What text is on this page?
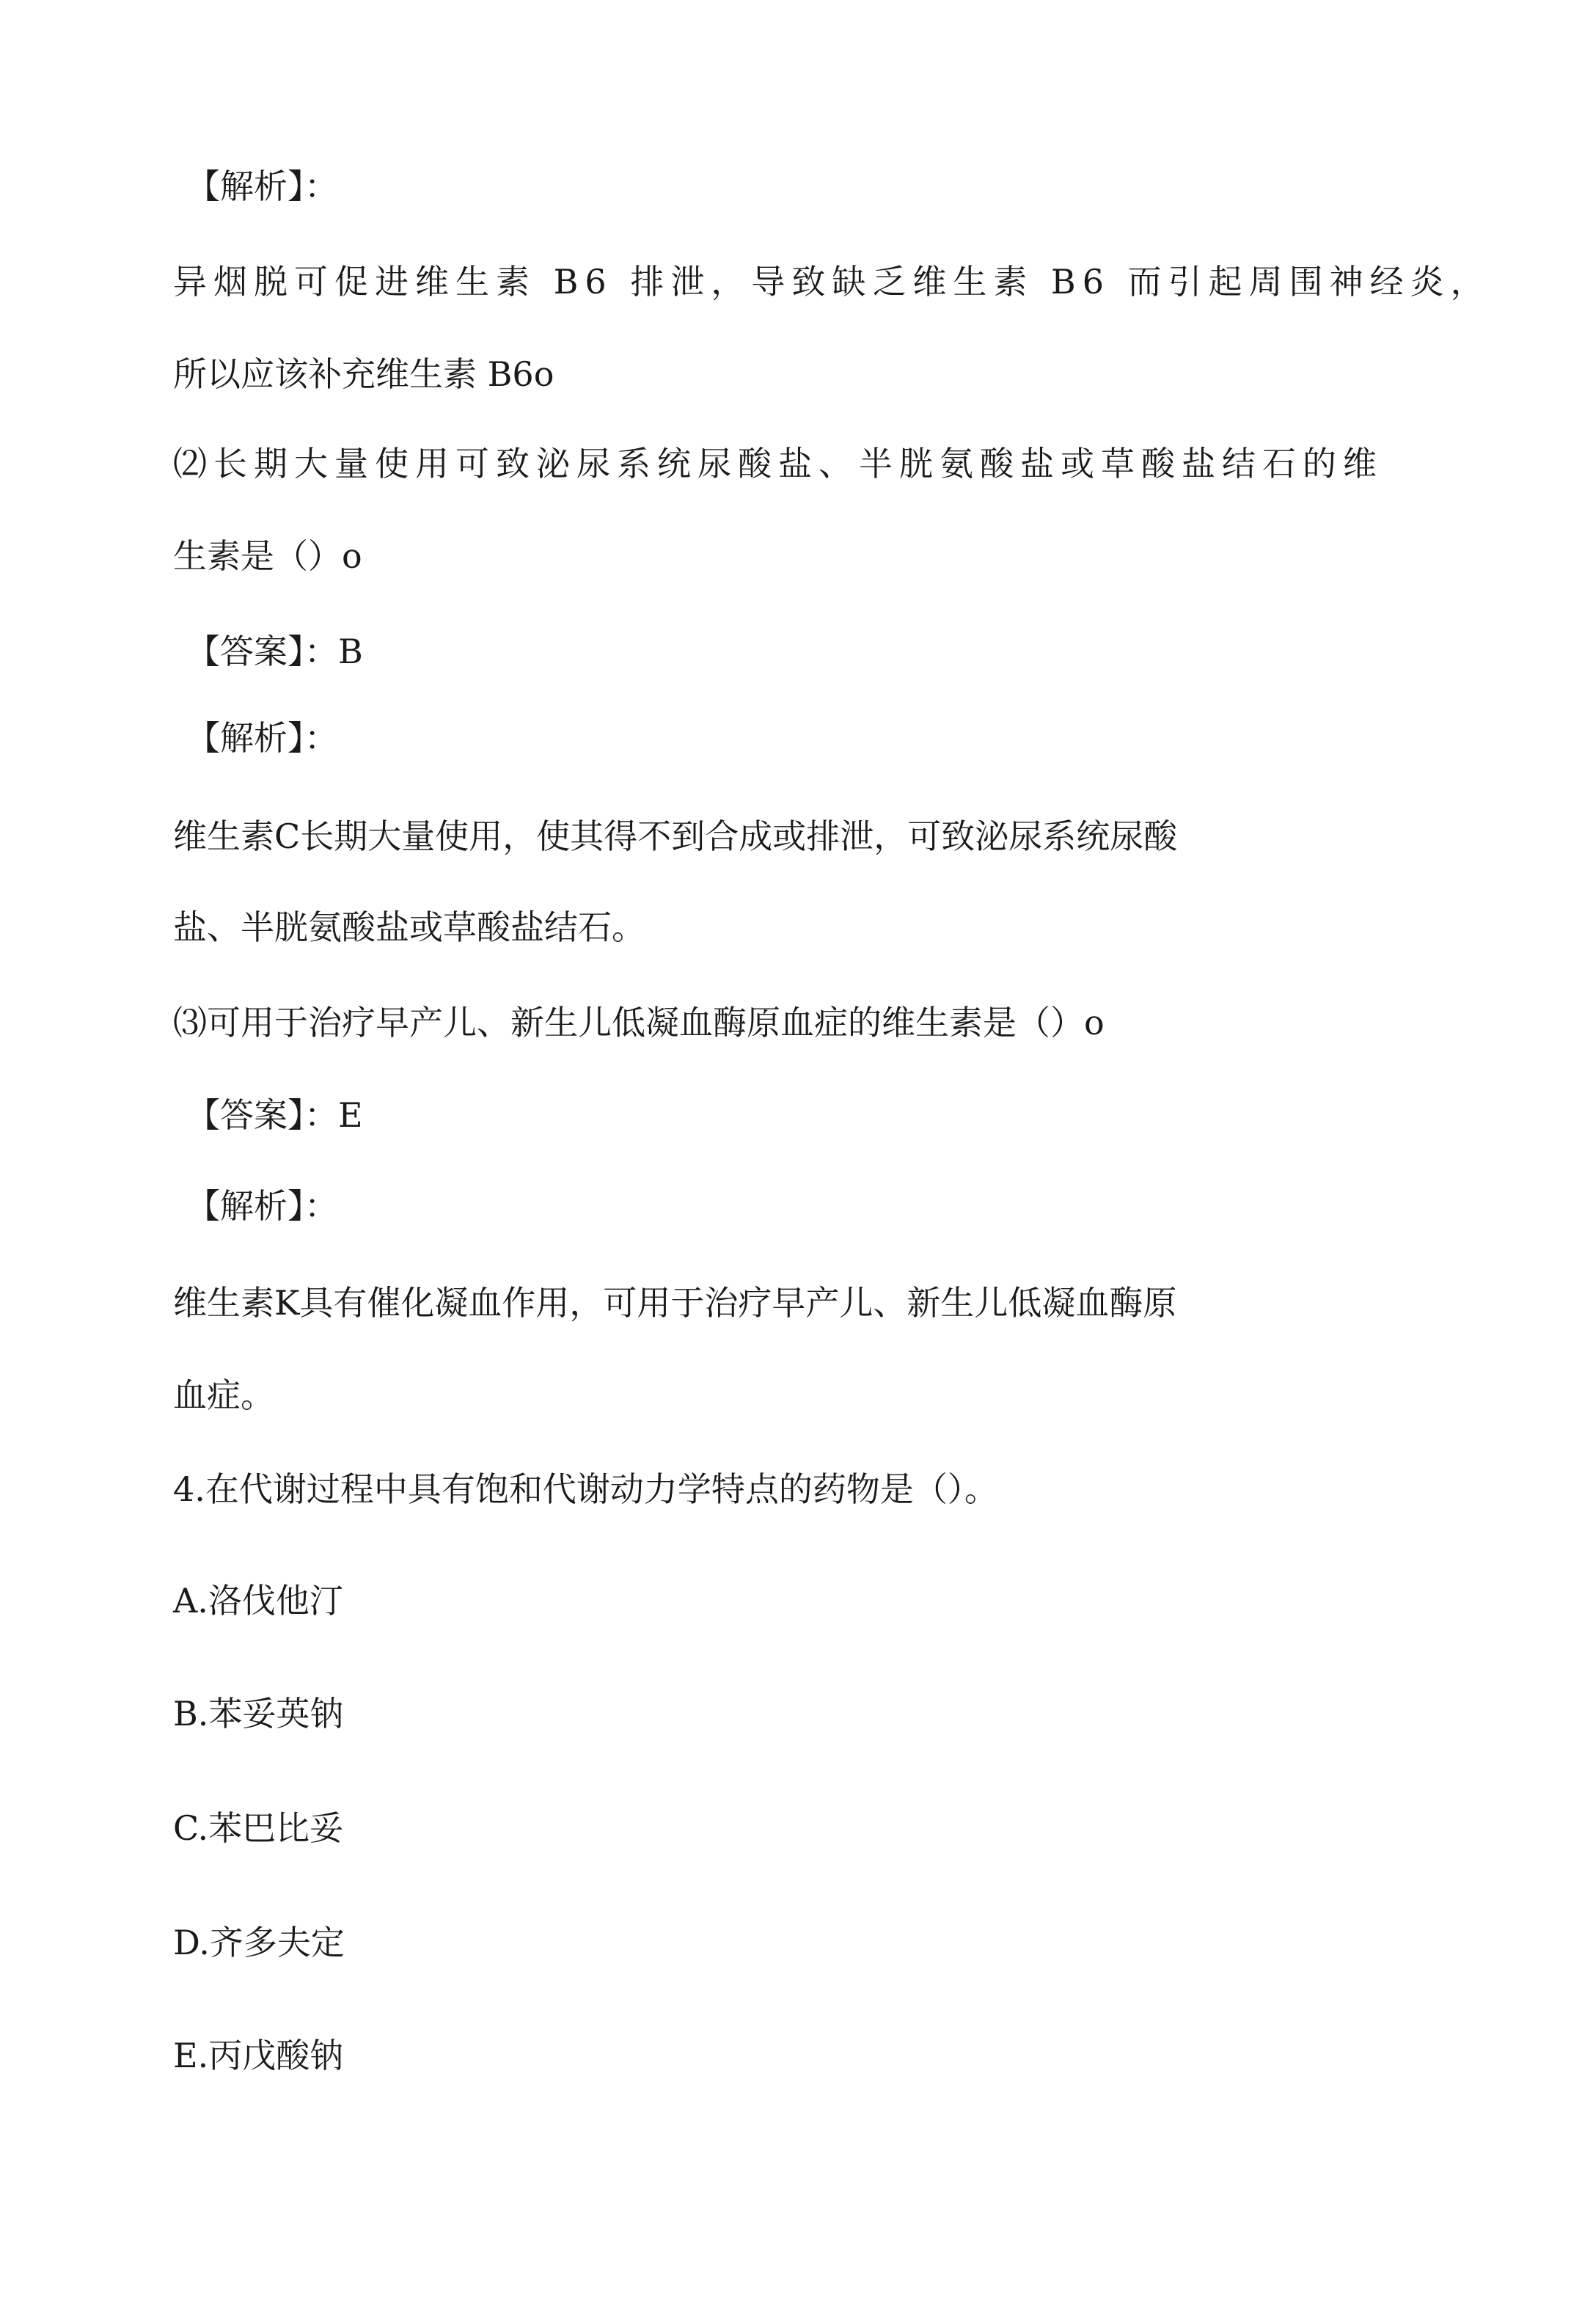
【解析】：

异烟脱可促进维生素 B6 排泄，导致缺乏维生素 B6 而引起周围神经炎，

所以应该补充维生素 B6o

⑵长期大量使用可致泌尿系统尿酸盐、半胱氨酸盐或草酸盐结石的维

生素是（）o

【答案】：B

【解析】：

维生素C长期大量使用，使其得不到合成或排泄，可致泌尿系统尿酸

盐、半胱氨酸盐或草酸盐结石。

⑶可用于治疗早产儿、新生儿低凝血酶原血症的维生素是（）o

【答案】：E

【解析】：

维生素K具有催化凝血作用，可用于治疗早产儿、新生儿低凝血酶原

血症。

4.在代谢过程中具有饱和代谢动力学特点的药物是（）。

A.洛伐他汀

B.苯妥英钠

C.苯巴比妥

D.齐多夫定

E.丙戊酸钠
